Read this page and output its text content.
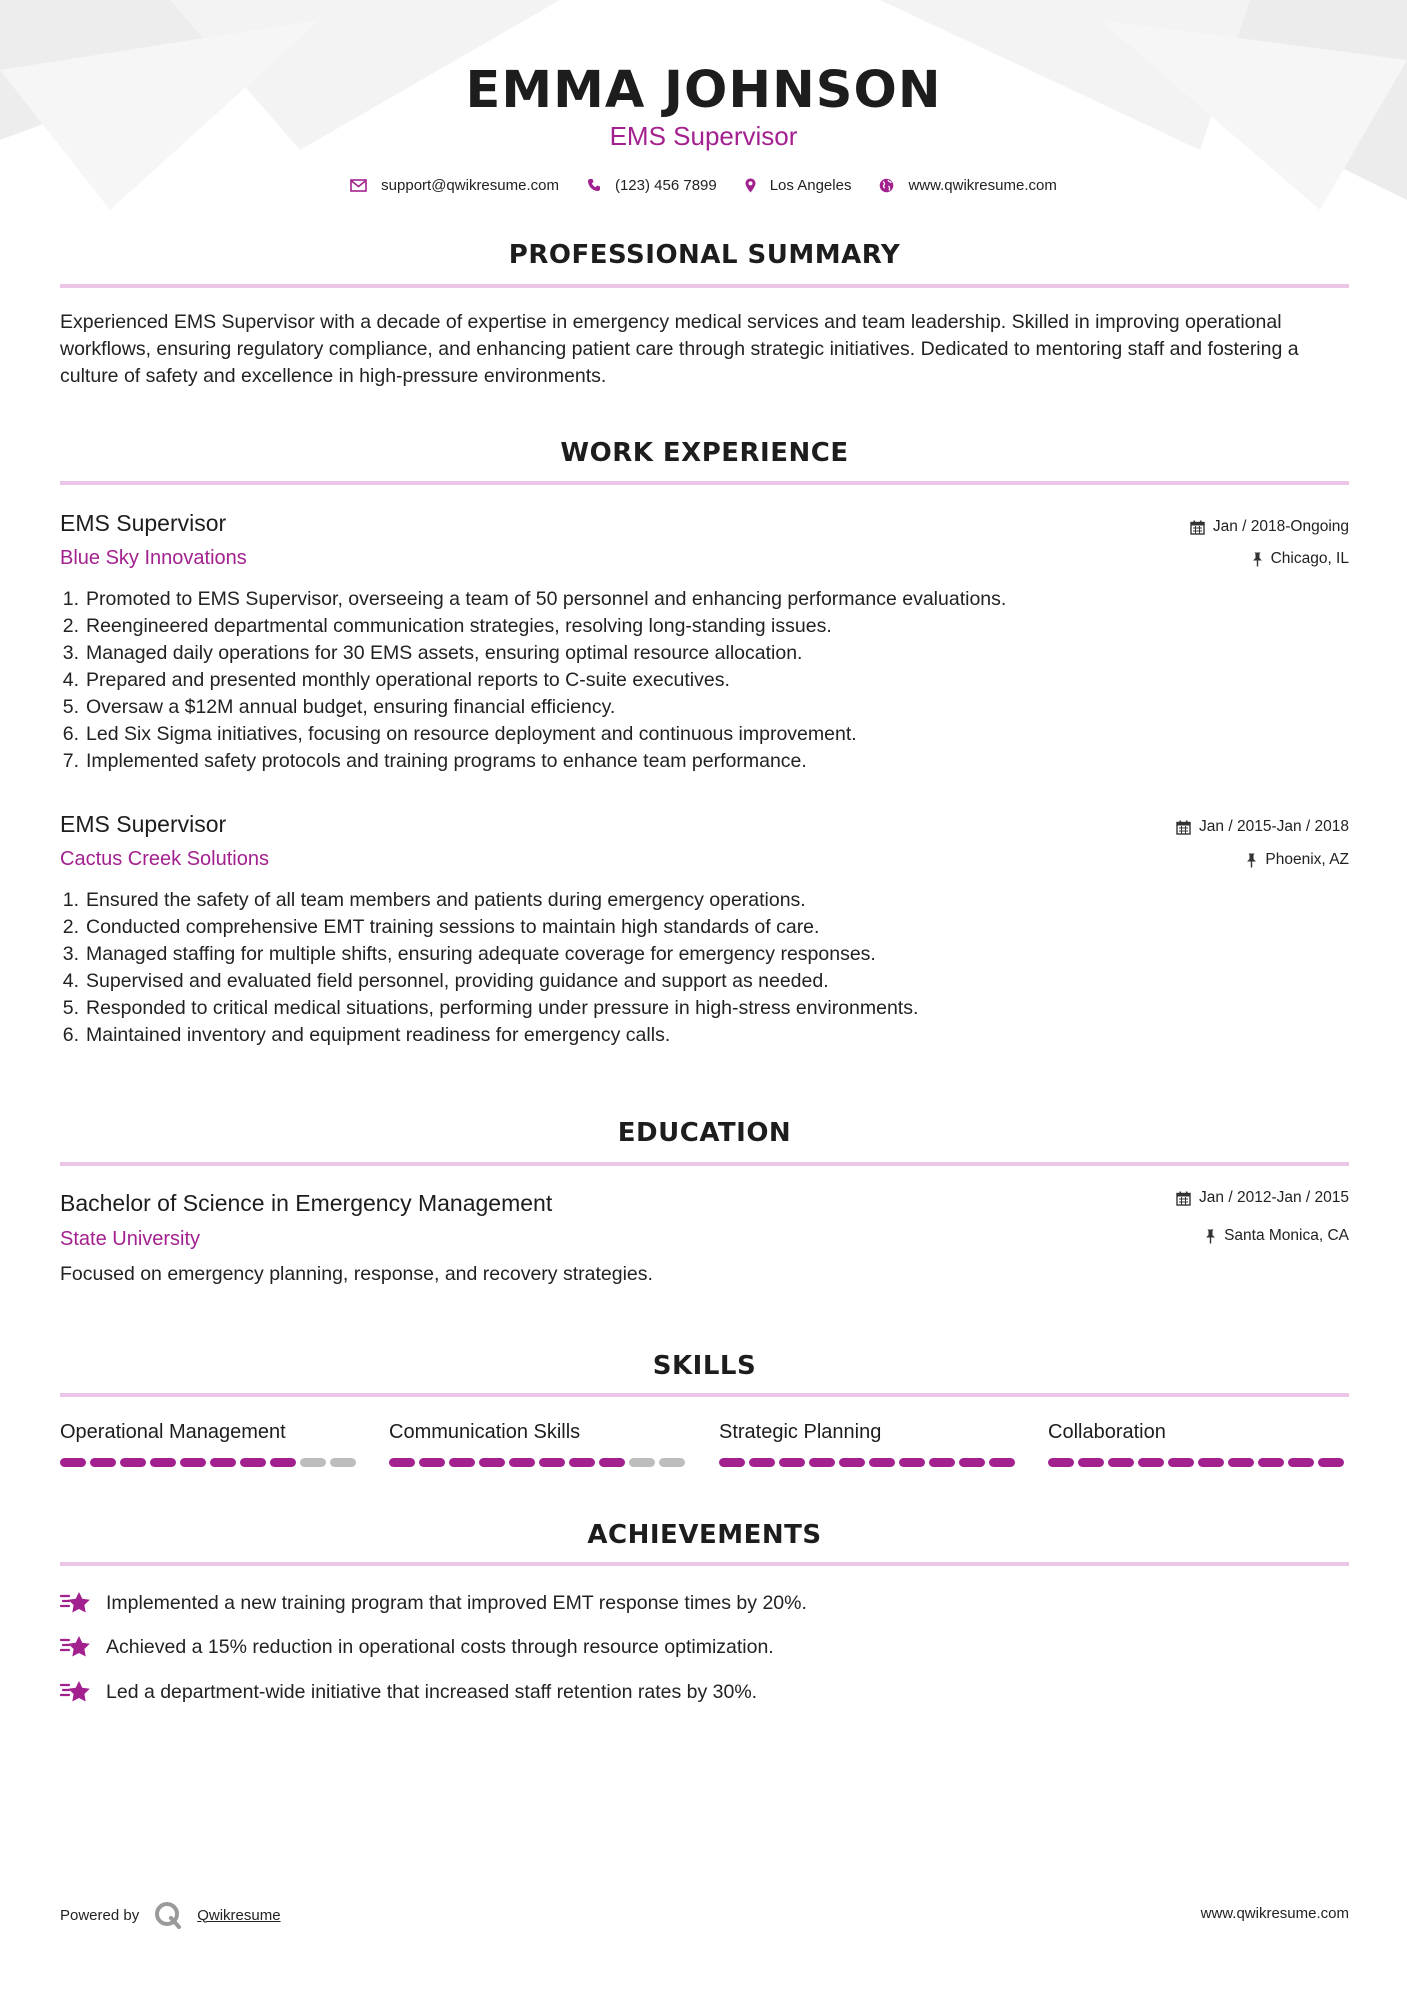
EMMA JOHNSON
EMS Supervisor
support@qwikresume.com	(123) 456 7899	Los Angeles	www.qwikresume.com
PROFESSIONAL SUMMARY

Experienced EMS Supervisor with a decade of expertise in emergency medical services and team leadership. Skilled in improving operational workflows, ensuring regulatory compliance, and enhancing patient care through strategic initiatives. Dedicated to mentoring staff and fostering a culture of safety and excellence in high-pressure environments.

WORK EXPERIENCE
EMS Supervisor
Blue Sky Innovations
Jan / 2018-Ongoing
Chicago, IL
1. Promoted to EMS Supervisor, overseeing a team of 50 personnel and enhancing performance evaluations.
2. Reengineered departmental communication strategies, resolving long-standing issues.
3. Managed daily operations for 30 EMS assets, ensuring optimal resource allocation.
4. Prepared and presented monthly operational reports to C-suite executives.
5. Oversaw a $12M annual budget, ensuring financial efficiency.
6. Led Six Sigma initiatives, focusing on resource deployment and continuous improvement.
7. Implemented safety protocols and training programs to enhance team performance.
EMS Supervisor
Cactus Creek Solutions
Jan / 2015-Jan / 2018
Phoenix, AZ
1. Ensured the safety of all team members and patients during emergency operations.
2. Conducted comprehensive EMT training sessions to maintain high standards of care.
3. Managed staffing for multiple shifts, ensuring adequate coverage for emergency responses.
4. Supervised and evaluated field personnel, providing guidance and support as needed.
5. Responded to critical medical situations, performing under pressure in high-stress environments.
6. Maintained inventory and equipment readiness for emergency calls.
EDUCATION
Bachelor of Science in Emergency Management
State University
Jan / 2012-Jan / 2015
Santa Monica, CA
Focused on emergency planning, response, and recovery strategies.
SKILLS
Operational Management	Communication Skills	Strategic Planning	Collaboration
ACHIEVEMENTS
Implemented a new training program that improved EMT response times by 20%.
Achieved a 15% reduction in operational costs through resource optimization.
Led a department-wide initiative that increased staff retention rates by 30%.
Powered by	Qwikresume	www.qwikresume.com
